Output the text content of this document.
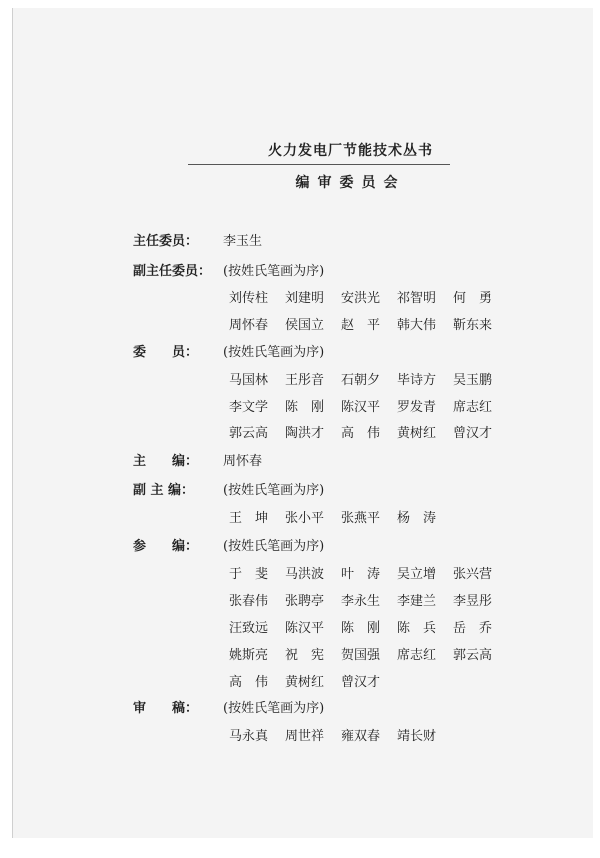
火力发电厂节能技术丛书
编审委员会
主任委员： 李玉生
副主任委员： (按姓氏笔画为序)
刘传柱 刘建明 安洪光 祁智明 何　勇
周怀春 侯国立 赵　平 韩大伟 靳东来
委　　员： (按姓氏笔画为序)
马国林 王彤音 石朝夕 毕诗方 吴玉鹏
李文学 陈　刚 陈汉平 罗发青 席志红
郭云高 陶洪才 高　伟 黄树红 曾汉才
主　　编： 周怀春
副 主 编： (按姓氏笔画为序)
王　坤 张小平 张燕平 杨　涛
参　　编： (按姓氏笔画为序)
于　斐 马洪波 叶　涛 吴立增 张兴营
张春伟 张聘亭 李永生 李建兰 李昱彤
汪致远 陈汉平 陈　刚 陈　兵 岳　乔
姚斯亮 祝　宪 贺国强 席志红 郭云高
高　伟 黄树红 曾汉才
审　　稿： (按姓氏笔画为序)
马永真 周世祥 雍双春 靖长财
